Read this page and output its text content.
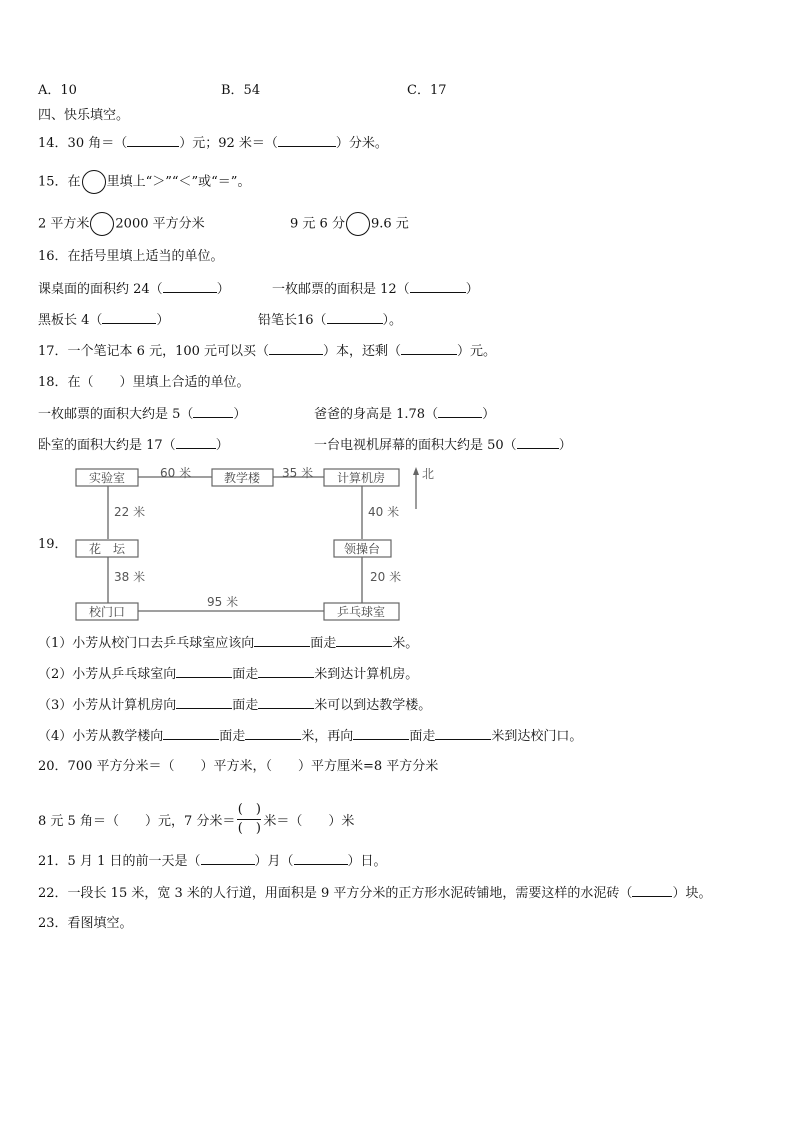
A．10	B．54	C．17
四、快乐填空。
14．30 角＝（	）元；92 米＝（	）分米。
15．在 里填上“＞”“＜”或“＝”。
2 平方米 2000 平方分米	9 元 6 分 9.6 元
16．在括号里填上适当的单位。
课桌面的面积约 24（	）	一枚邮票的面积是 12（	）
黑板长 4（	）	铅笔长16（	）。
17．一个笔记本 6 元，100 元可以买（	）本，还剩（	）元。
18．在（　　）里填上合适的单位。
一枚邮票的面积大约是 5（	）	爸爸的身高是 1.78（	）
卧室的面积大约是 17（	）	一台电视机屏幕的面积大约是 50（	）
19．
实验室	教学楼	计算机房
花　坛	领操台
校门口	乒乓球室
60 米	35 米
22 米	40 米
38 米	20 米
95 米
北
（1）小芳从校门口去乒乓球室应该向	面走	米。
（2）小芳从乒乓球室向	面走	米到达计算机房。
（3）小芳从计算机房向	面走	米可以到达教学楼。
（4）小芳从教学楼向	面走	米，再向	面走	米到达校门口。
20．700 平方分米＝（　　）平方米，（　　）平方厘米=8 平方分米
8 元 5 角＝（　　）元，7 分米＝ $\frac{( )}{( )}$ 米＝（　　）米
21．5 月 1 日的前一天是（	）月（	）日。
22．一段长 15 米，宽 3 米的人行道，用面积是 9 平方分米的正方形水泥砖铺地，需要这样的水泥砖（	）块。
23．看图填空。
